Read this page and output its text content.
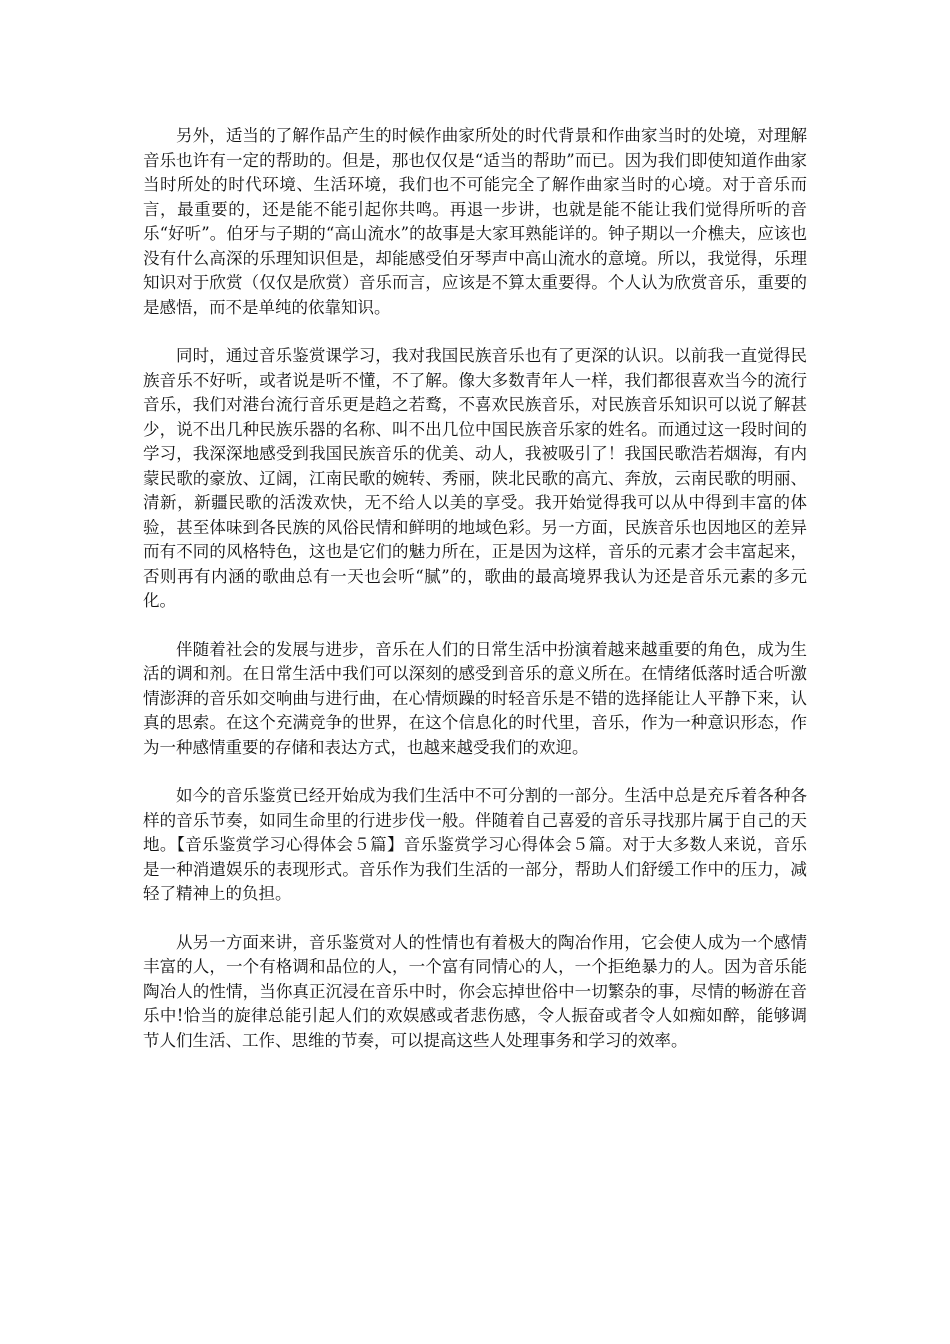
另外，适当的了解作品产生的时候作曲家所处的时代背景和作曲家当时的处境，对理解音乐也许有一定的帮助的。但是，那也仅仅是“适当的帮助”而已。因为我们即使知道作曲家当时所处的时代环境、生活环境，我们也不可能完全了解作曲家当时的心境。对于音乐而言，最重要的，还是能不能引起你共鸣。再退一步讲，也就是能不能让我们觉得所听的音乐“好听”。伯牙与子期的“高山流水”的故事是大家耳熟能详的。钟子期以一介樵夫，应该也没有什么高深的乐理知识但是，却能感受伯牙琴声中高山流水的意境。所以，我觉得，乐理知识对于欣赏（仅仅是欣赏）音乐而言，应该是不算太重要得。个人认为欣赏音乐，重要的是感悟，而不是单纯的依靠知识。

同时，通过音乐鉴赏课学习，我对我国民族音乐也有了更深的认识。以前我一直觉得民族音乐不好听，或者说是听不懂，不了解。像大多数青年人一样，我们都很喜欢当今的流行音乐，我们对港台流行音乐更是趋之若鹜，不喜欢民族音乐，对民族音乐知识可以说了解甚少，说不出几种民族乐器的名称、叫不出几位中国民族音乐家的姓名。而通过这一段时间的学习，我深深地感受到我国民族音乐的优美、动人，我被吸引了！我国民歌浩若烟海，有内蒙民歌的豪放、辽阔，江南民歌的婉转、秀丽，陕北民歌的高亢、奔放，云南民歌的明丽、清新，新疆民歌的活泼欢快，无不给人以美的享受。我开始觉得我可以从中得到丰富的体验，甚至体味到各民族的风俗民情和鲜明的地域色彩。另一方面，民族音乐也因地区的差异而有不同的风格特色，这也是它们的魅力所在，正是因为这样，音乐的元素才会丰富起来，否则再有内涵的歌曲总有一天也会听“腻”的，歌曲的最高境界我认为还是音乐元素的多元化。

伴随着社会的发展与进步，音乐在人们的日常生活中扮演着越来越重要的角色，成为生活的调和剂。在日常生活中我们可以深刻的感受到音乐的意义所在。在情绪低落时适合听激情澎湃的音乐如交响曲与进行曲，在心情烦躁的时轻音乐是不错的选择能让人平静下来，认真的思索。在这个充满竞争的世界，在这个信息化的时代里，音乐，作为一种意识形态，作为一种感情重要的存储和表达方式，也越来越受我们的欢迎。

如今的音乐鉴赏已经开始成为我们生活中不可分割的一部分。生活中总是充斥着各种各样的音乐节奏，如同生命里的行进步伐一般。伴随着自己喜爱的音乐寻找那片属于自己的天地。【音乐鉴赏学习心得体会５篇】音乐鉴赏学习心得体会５篇。对于大多数人来说，音乐是一种消遣娱乐的表现形式。音乐作为我们生活的一部分，帮助人们舒缓工作中的压力，减轻了精神上的负担。

从另一方面来讲，音乐鉴赏对人的性情也有着极大的陶冶作用，它会使人成为一个感情丰富的人，一个有格调和品位的人，一个富有同情心的人，一个拒绝暴力的人。因为音乐能陶冶人的性情，当你真正沉浸在音乐中时，你会忘掉世俗中一切繁杂的事，尽情的畅游在音乐中!恰当的旋律总能引起人们的欢娱感或者悲伤感，令人振奋或者令人如痴如醉，能够调节人们生活、工作、思维的节奏，可以提高这些人处理事务和学习的效率。
